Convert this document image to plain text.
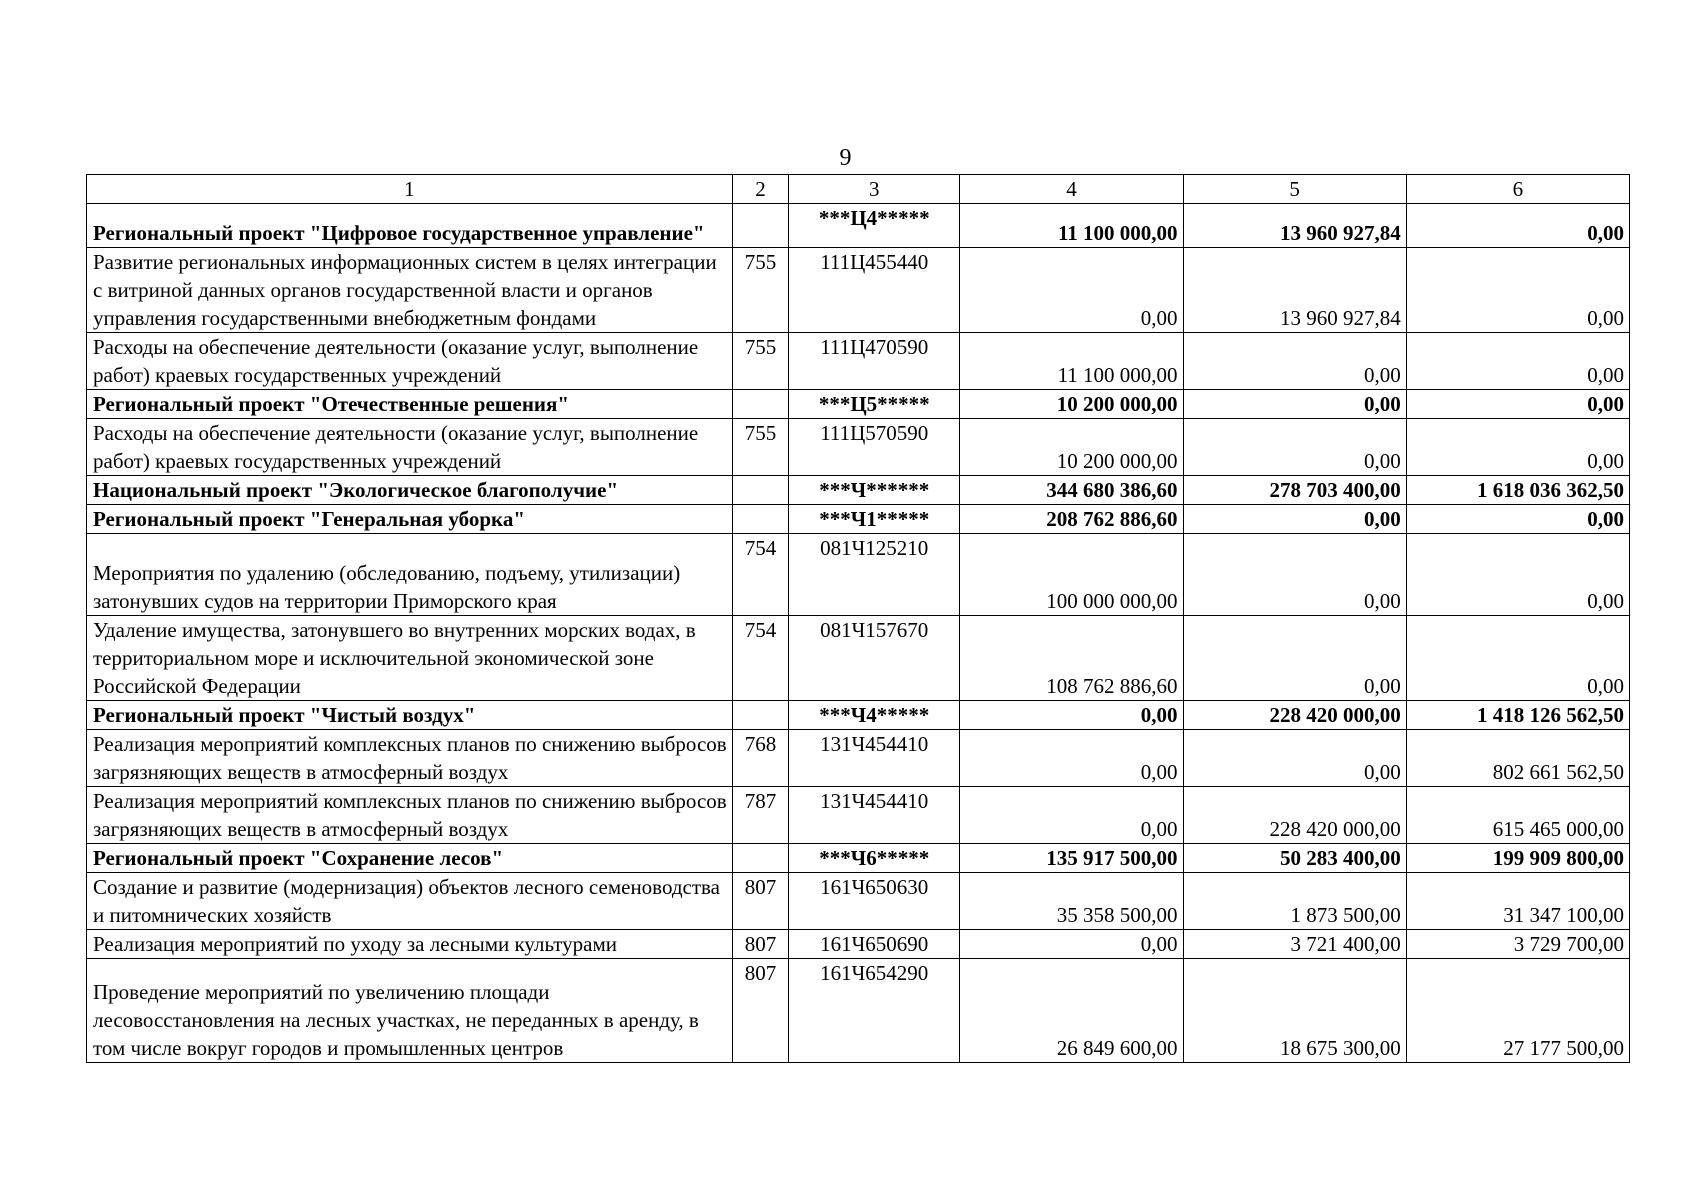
9
1	2	3	4	5	6
Региональный проект "Цифровое государственное управление"		***Ц4*****	11 100 000,00	13 960 927,84	0,00
Развитие региональных информационных систем в целях интеграции с витриной данных органов государственной власти и органов управления государственными внебюджетным фондами	755	111Ц455440	0,00	13 960 927,84	0,00
Расходы на обеспечение деятельности (оказание услуг, выполнение работ) краевых государственных учреждений	755	111Ц470590	11 100 000,00	0,00	0,00
Региональный проект "Отечественные решения"		***Ц5*****	10 200 000,00	0,00	0,00
Расходы на обеспечение деятельности (оказание услуг, выполнение работ) краевых государственных учреждений	755	111Ц570590	10 200 000,00	0,00	0,00
Национальный проект "Экологическое благополучие"		***Ч******	344 680 386,60	278 703 400,00	1 618 036 362,50
Региональный проект "Генеральная уборка"		***Ч1*****	208 762 886,60	0,00	0,00
Мероприятия по удалению (обследованию, подъему, утилизации) затонувших судов на территории Приморского края	754	081Ч125210	100 000 000,00	0,00	0,00
Удаление имущества, затонувшего во внутренних морских водах, в территориальном море и исключительной экономической зоне Российской Федерации	754	081Ч157670	108 762 886,60	0,00	0,00
Региональный проект "Чистый воздух"		***Ч4*****	0,00	228 420 000,00	1 418 126 562,50
Реализация мероприятий комплексных планов по снижению выбросов загрязняющих веществ в атмосферный воздух	768	131Ч454410	0,00	0,00	802 661 562,50
Реализация мероприятий комплексных планов по снижению выбросов загрязняющих веществ в атмосферный воздух	787	131Ч454410	0,00	228 420 000,00	615 465 000,00
Региональный проект "Сохранение лесов"		***Ч6*****	135 917 500,00	50 283 400,00	199 909 800,00
Создание и развитие (модернизация) объектов лесного семеноводства и питомнических хозяйств	807	161Ч650630	35 358 500,00	1 873 500,00	31 347 100,00
Реализация мероприятий по уходу за лесными культурами	807	161Ч650690	0,00	3 721 400,00	3 729 700,00
Проведение мероприятий по увеличению площади лесовосстановления на лесных участках, не переданных в аренду, в том числе вокруг городов и промышленных центров	807	161Ч654290	26 849 600,00	18 675 300,00	27 177 500,00
